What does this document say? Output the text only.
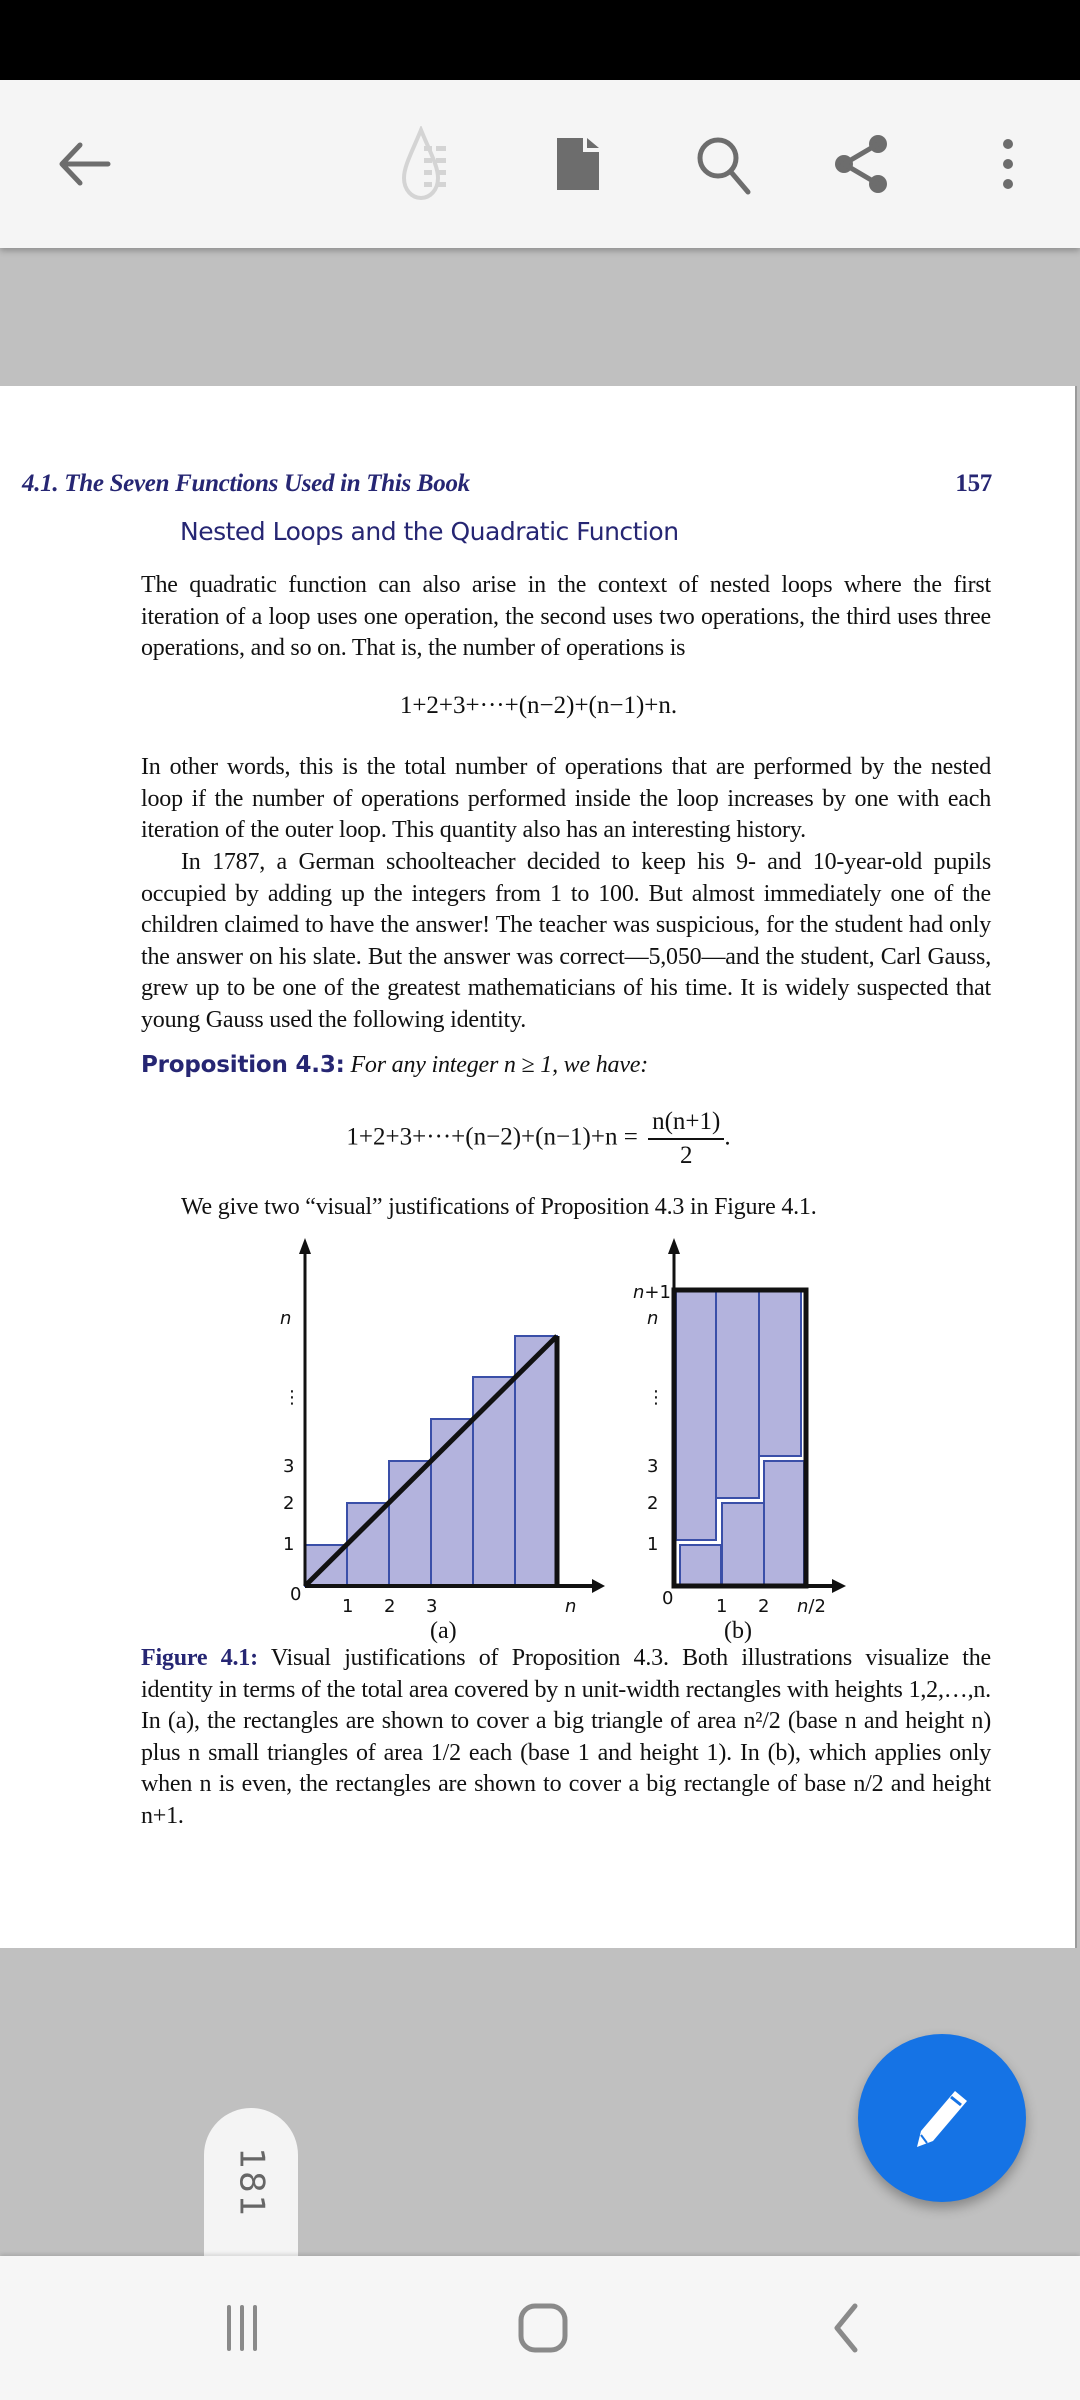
4.1. The Seven Functions Used in This Book	157
Nested Loops and the Quadratic Function
The quadratic function can also arise in the context of nested loops where the first iteration of a loop uses one operation, the second uses two operations, the third uses three operations, and so on. That is, the number of operations is
1+2+3+···+(n−2)+(n−1)+n.
In other words, this is the total number of operations that are performed by the nested loop if the number of operations performed inside the loop increases by one with each iteration of the outer loop. This quantity also has an interesting history.
In 1787, a German schoolteacher decided to keep his 9- and 10-year-old pupils occupied by adding up the integers from 1 to 100. But almost immediately one of the children claimed to have the answer! The teacher was suspicious, for the student had only the answer on his slate. But the answer was correct—5,050—and the student, Carl Gauss, grew up to be one of the greatest mathematicians of his time. It is widely suspected that young Gauss used the following identity.
Proposition 4.3: For any integer n ≥ 1, we have:
$1+2+3+\cdot\cdot\cdot+(n-2)+(n-1)+n = \frac{n(n+1)}{2}$ .
We give two “visual” justifications of Proposition 4.3 in Figure 4.1.
0
1
2
3
⋮
n
1 2 3	n
(a)
0
1
2
3
⋮
n
n+1
1 2 n/2
(b)
Figure 4.1: Visual justifications of Proposition 4.3. Both illustrations visualize the identity in terms of the total area covered by n unit-width rectangles with heights 1,2,…,n. In (a), the rectangles are shown to cover a big triangle of area n²/2 (base n and height n) plus n small triangles of area 1/2 each (base 1 and height 1). In (b), which applies only when n is even, the rectangles are shown to cover a big rectangle of base n/2 and height n+1.
181
